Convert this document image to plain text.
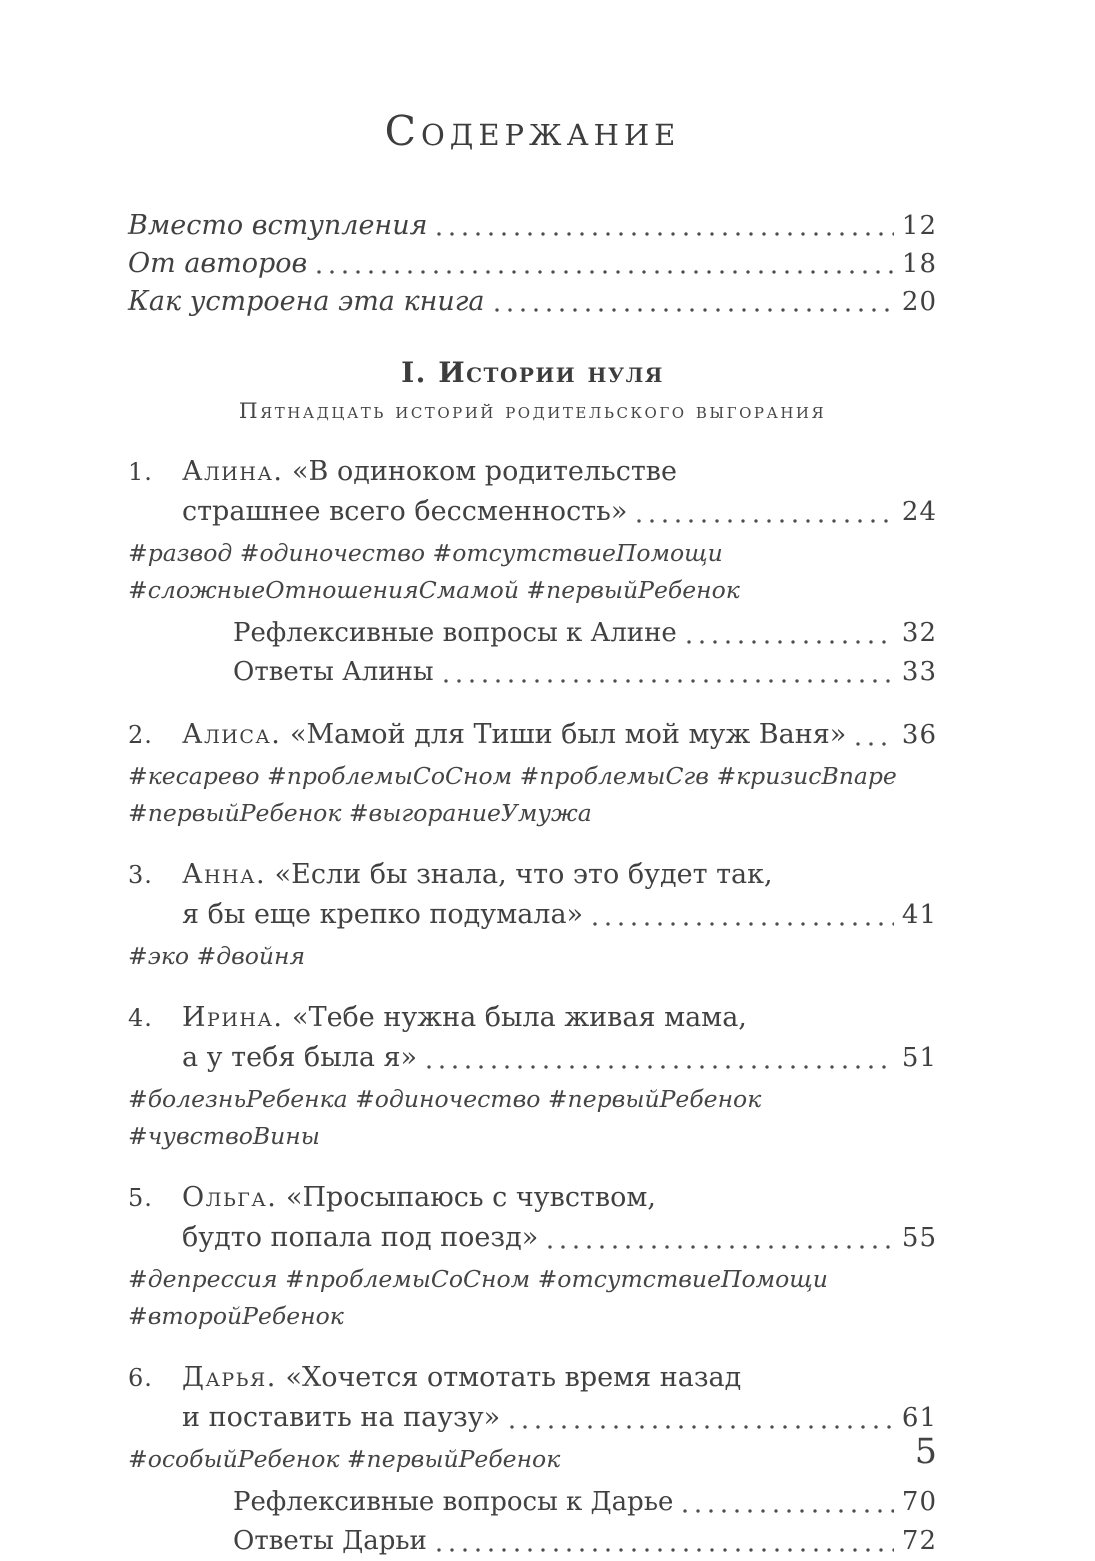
Содержание
Вместо вступления	12
От авторов	18
Как устроена эта книга	20
I. Истории нуля
Пятнадцать историй родительского выгорания
1.	Алина. «В одиноком родительстве
страшнее всего бессменность»	24
#развод #одиночество #отсутствиеПомощи #сложныеОтношенияСмамой #первыйРебенок
Рефлексивные вопросы к Алине	32
Ответы Алины	33
2.	Алиса. «Мамой для Тиши был мой муж Ваня» 36
#кесарево #проблемыСоСном #проблемыСгв #кризисВпаре #первыйРебенок #выгораниеУмужа
3.	Анна. «Если бы знала, что это будет так,
я бы еще крепко подумала»	41
#эко #двойня
4.	Ирина. «Тебе нужна была живая мама,
а у тебя была я»	51
#болезньРебенка #одиночество #первыйРебенок #чувствоВины
5.	Ольга. «Просыпаюсь с чувством,
будто попала под поезд»	55
#депрессия #проблемыСоСном #отсутствиеПомощи #второйРебенок
6.	Дарья. «Хочется отмотать время назад
и поставить на паузу»	61
#особыйРебенок #первыйРебенок
Рефлексивные вопросы к Дарье	70
Ответы Дарьи	72
5
